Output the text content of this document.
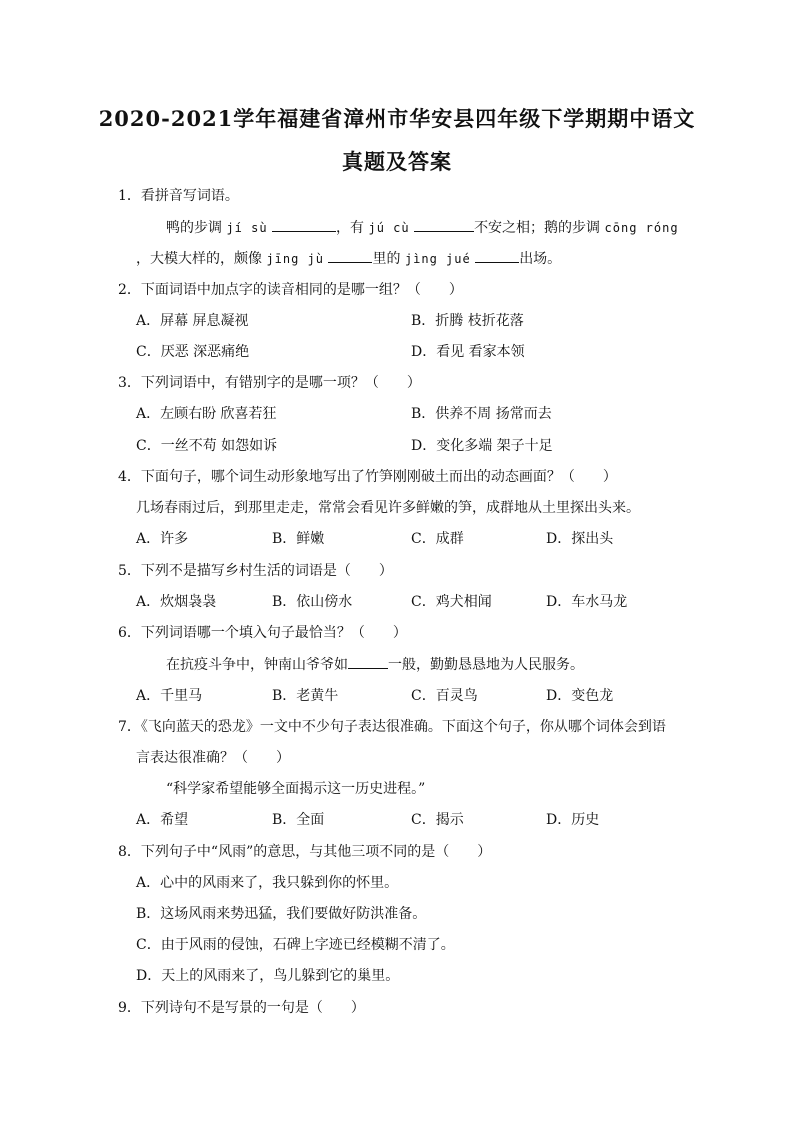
2020-2021学年福建省漳州市华安县四年级下学期期中语文
真题及答案
1．看拼音写词语。
鸭的步调 jí sù	，有 jú cù	不安之相；鹅的步调 cōng róng
，大模大样的，颇像 jīng jù	里的 jìng jué	出场。
2．下面词语中加点字的读音相同的是哪一组？（　　）
A．屏幕 屏息凝视	B．折腾 枝折花落
C．厌恶 深恶痛绝	D．看见 看家本领
3．下列词语中，有错别字的是哪一项？（　　）
A．左顾右盼 欣喜若狂	B．供养不周 扬常而去
C．一丝不苟 如怨如诉	D．变化多端 架子十足
4．下面句子，哪个词生动形象地写出了竹笋刚刚破土而出的动态画面？（　　）
几场春雨过后，到那里走走，常常会看见许多鲜嫩的笋，成群地从土里探出头来。
A．许多	B．鲜嫩	C．成群	D．探出头
5．下列不是描写乡村生活的词语是（　　）
A．炊烟袅袅	B．依山傍水	C．鸡犬相闻	D．车水马龙
6．下列词语哪一个填入句子最恰当？（　　）
在抗疫斗争中，钟南山爷爷如	一般，勤勤恳恳地为人民服务。
A．千里马	B．老黄牛	C．百灵鸟	D．变色龙
7．《飞向蓝天的恐龙》一文中不少句子表达很准确。下面这个句子，你从哪个词体会到语
言表达很准确？（　　）
“科学家希望能够全面揭示这一历史进程。”
A．希望	B．全面	C．揭示	D．历史
8．下列句子中“风雨”的意思，与其他三项不同的是（　　）
A．心中的风雨来了，我只躲到你的怀里。
B．这场风雨来势迅猛，我们要做好防洪准备。
C．由于风雨的侵蚀，石碑上字迹已经模糊不清了。
D．天上的风雨来了，鸟儿躲到它的巢里。
9．下列诗句不是写景的一句是（　　）
